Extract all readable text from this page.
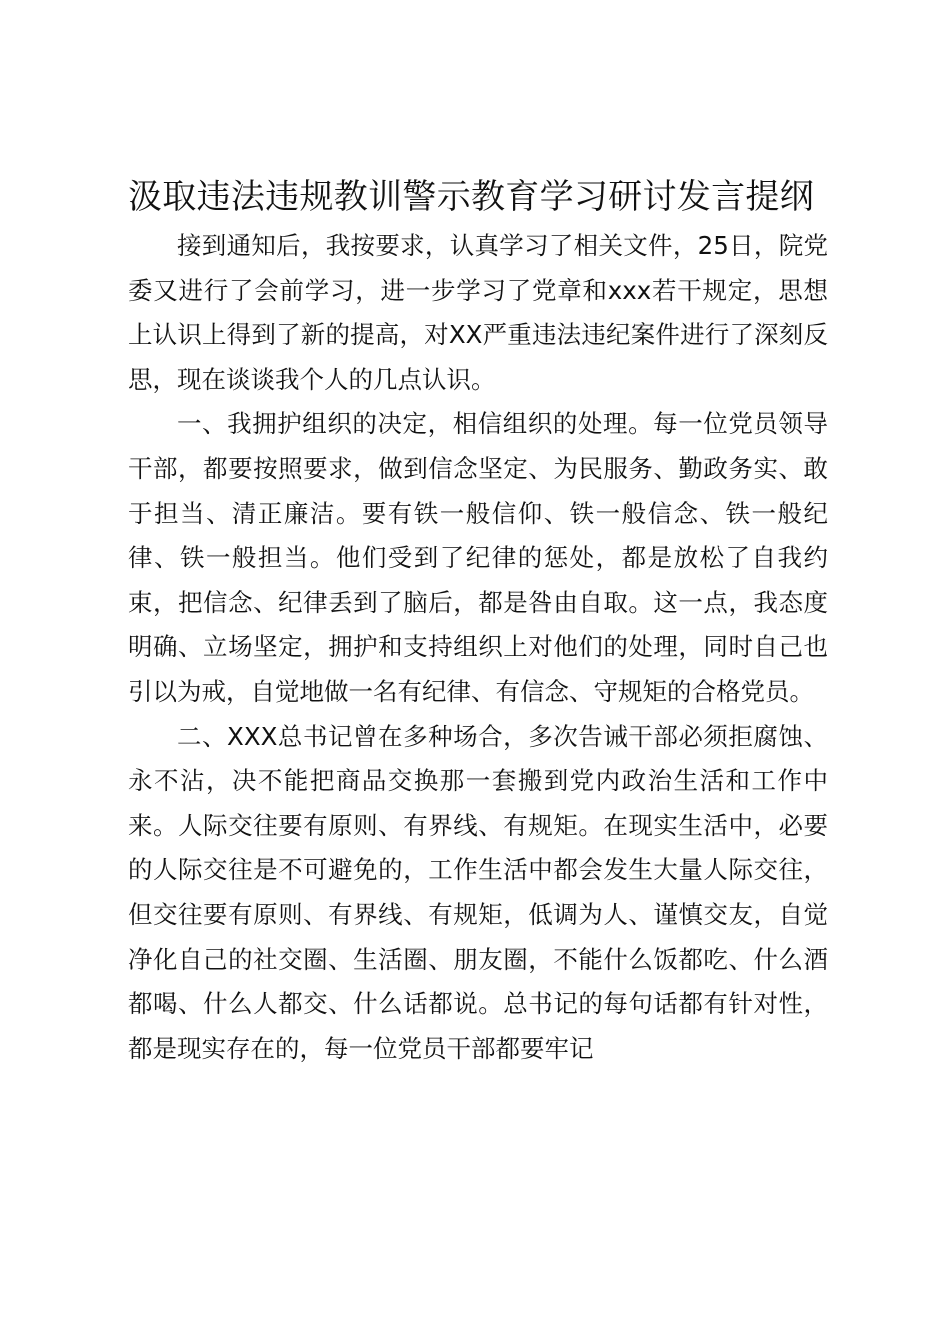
汲取违法违规教训警示教育学习研讨发言提纲

接到通知后，我按要求，认真学习了相关文件，25日，院党委又进行了会前学习，进一步学习了党章和xxx若干规定，思想上认识上得到了新的提高，对XX严重违法违纪案件进行了深刻反思，现在谈谈我个人的几点认识。

一、我拥护组织的决定，相信组织的处理。每一位党员领导干部，都要按照要求，做到信念坚定、为民服务、勤政务实、敢于担当、清正廉洁。要有铁一般信仰、铁一般信念、铁一般纪律、铁一般担当。他们受到了纪律的惩处，都是放松了自我约束，把信念、纪律丢到了脑后，都是咎由自取。这一点，我态度明确、立场坚定，拥护和支持组织上对他们的处理，同时自己也引以为戒，自觉地做一名有纪律、有信念、守规矩的合格党员。

二、XXX总书记曾在多种场合，多次告诫干部必须拒腐蚀、永不沾，决不能把商品交换那一套搬到党内政治生活和工作中来。人际交往要有原则、有界线、有规矩。在现实生活中，必要的人际交往是不可避免的，工作生活中都会发生大量人际交往，但交往要有原则、有界线、有规矩，低调为人、谨慎交友，自觉净化自己的社交圈、生活圈、朋友圈，不能什么饭都吃、什么酒都喝、什么人都交、什么话都说。总书记的每句话都有针对性，都是现实存在的，每一位党员干部都要牢记
